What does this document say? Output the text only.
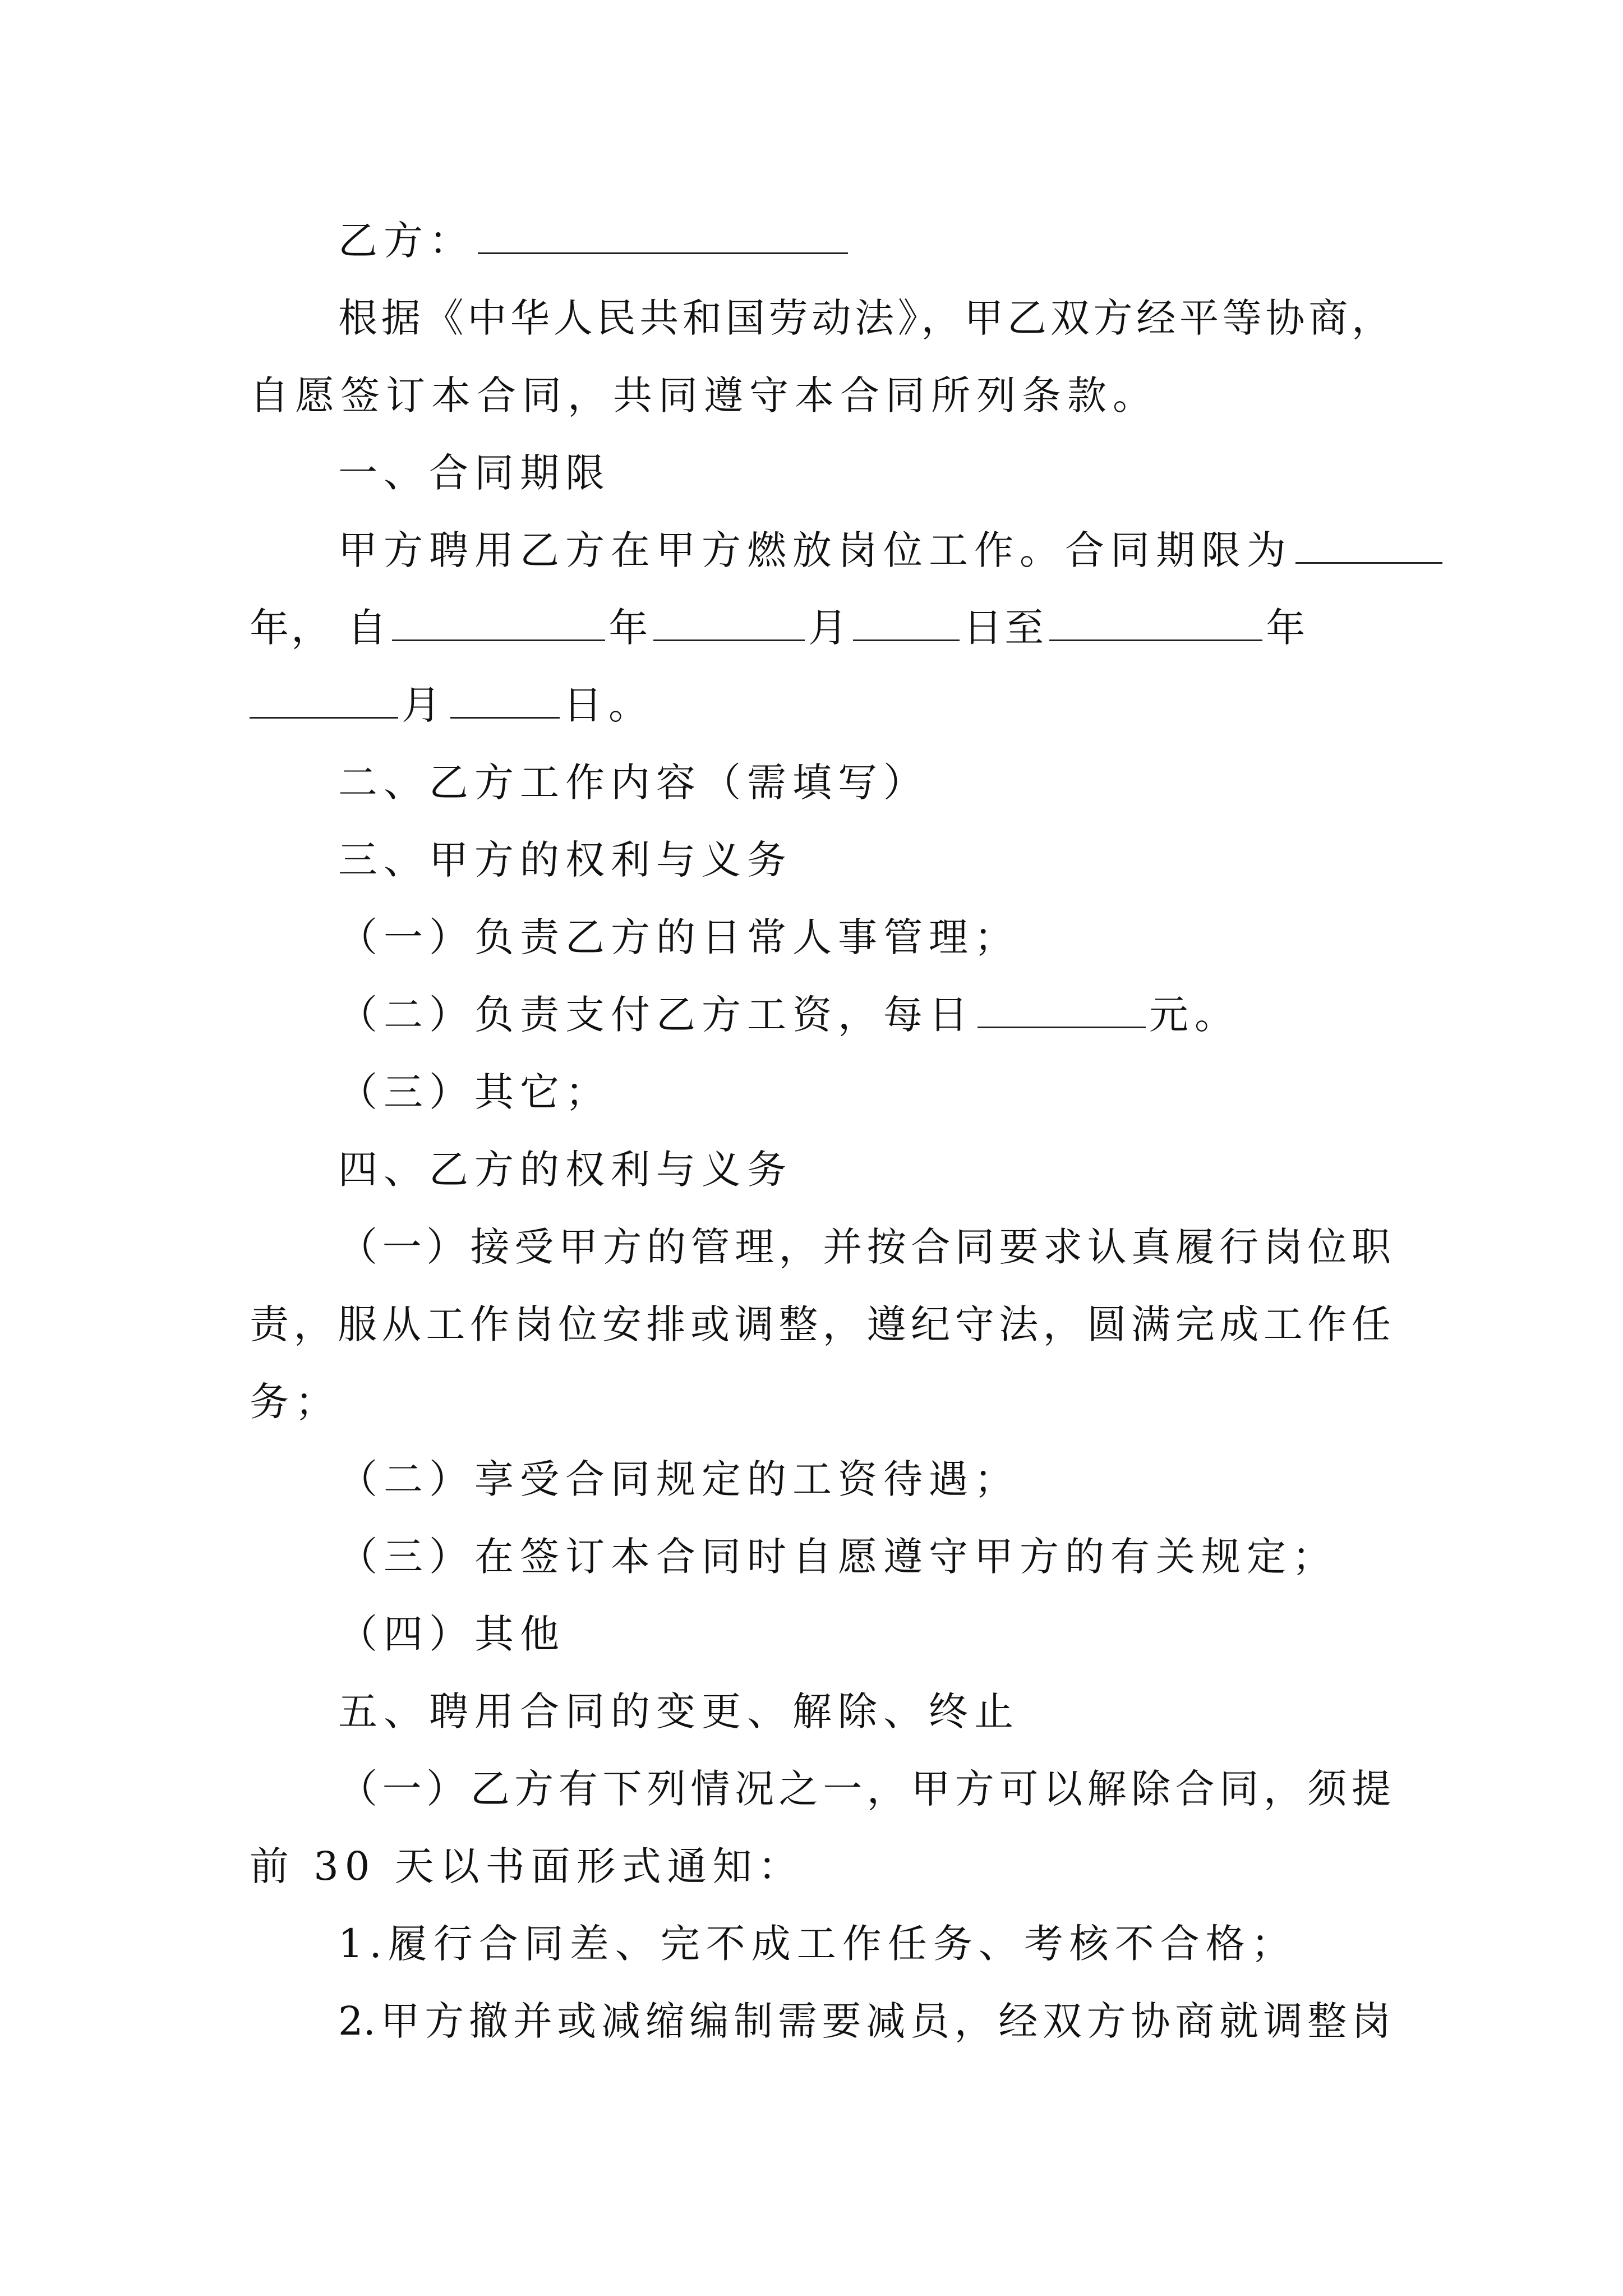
乙方：
根据《中华人民共和国劳动法》，甲乙双方经平等协商，
自愿签订本合同，共同遵守本合同所列条款。
一、合同期限
甲方聘用乙方在甲方燃放岗位工作。合同期限为
年， 自	年	月	日至	年
月	日。
二、乙方工作内容（需填写）
三、甲方的权利与义务
（一）负责乙方的日常人事管理；
（二）负责支付乙方工资，每日	元。
（三）其它；
四、乙方的权利与义务
（一）接受甲方的管理，并按合同要求认真履行岗位职
责，服从工作岗位安排或调整，遵纪守法，圆满完成工作任
务；
（二）享受合同规定的工资待遇；
（三）在签订本合同时自愿遵守甲方的有关规定；
（四）其他
五、聘用合同的变更、解除、终止
（一）乙方有下列情况之一，甲方可以解除合同，须提
前 30 天以书面形式通知：
1.履行合同差、完不成工作任务、考核不合格；
2.甲方撤并或减缩编制需要减员，经双方协商就调整岗
